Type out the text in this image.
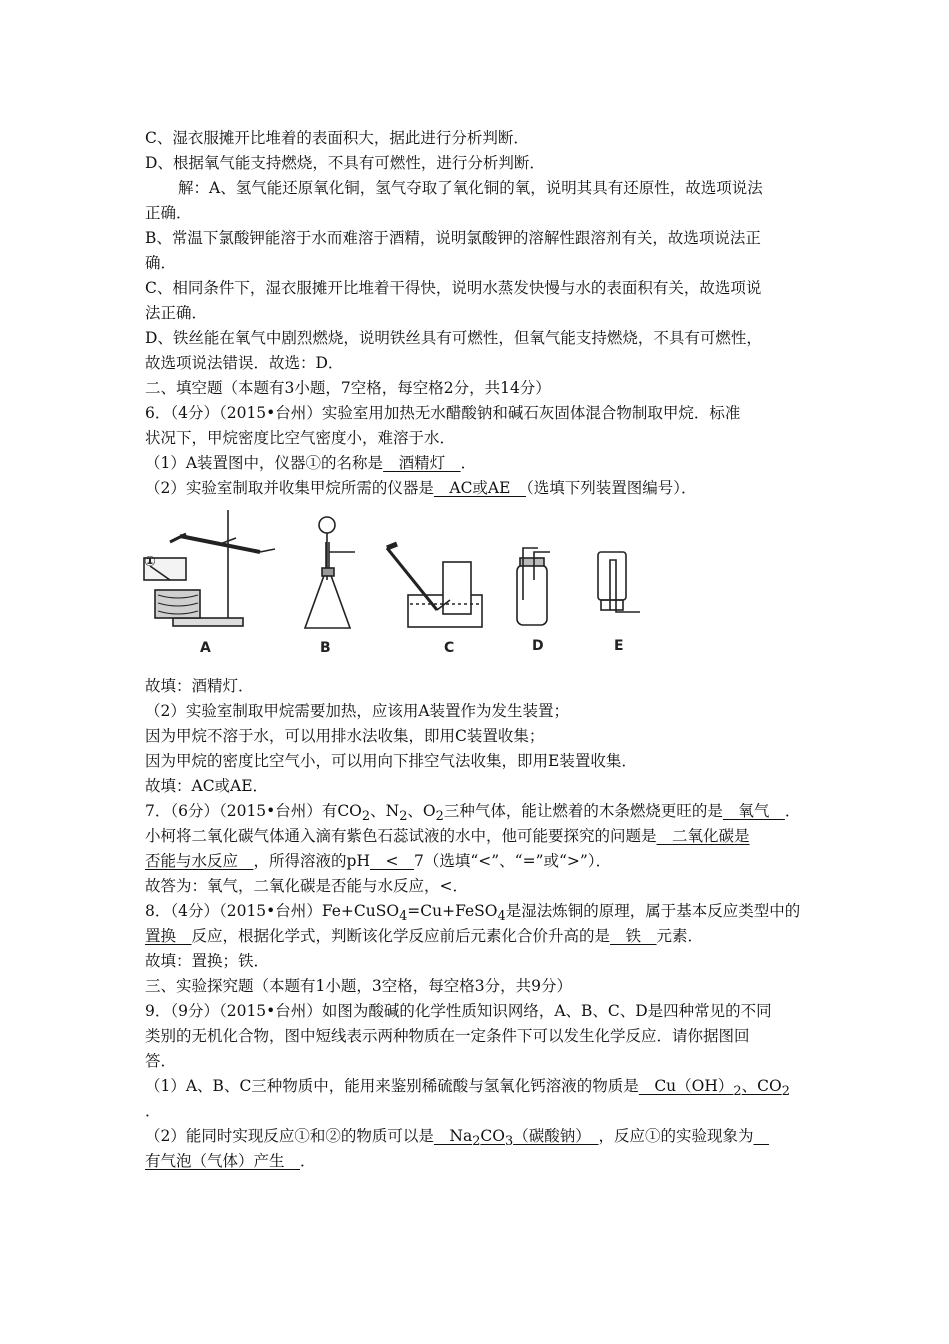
C、湿衣服摊开比堆着的表面积大，据此进行分析判断．
D、根据氧气能支持燃烧，不具有可燃性，进行分析判断．
解：A、氢气能还原氧化铜，氢气夺取了氧化铜的氧，说明其具有还原性，故选项说法
正确．
B、常温下氯酸钾能溶于水而难溶于酒精，说明氯酸钾的溶解性跟溶剂有关，故选项说法正
确．
C、相同条件下，湿衣服摊开比堆着干得快，说明水蒸发快慢与水的表面积有关，故选项说
法正确．
D、铁丝能在氧气中剧烈燃烧，说明铁丝具有可燃性，但氧气能支持燃烧，不具有可燃性，
故选项说法错误．故选：D．
二、填空题（本题有3小题，7空格，每空格2分，共14分）
6．（4分）（2015•台州）实验室用加热无水醋酸钠和碱石灰固体混合物制取甲烷．标准
状况下，甲烷密度比空气密度小，难溶于水．
（1）A装置图中，仪器①的名称是　酒精灯　．
（2）实验室制取并收集甲烷所需的仪器是　AC或AE　（选填下列装置图编号）．
①
A	B	C	D	E
故填：酒精灯．
（2）实验室制取甲烷需要加热，应该用A装置作为发生装置；
因为甲烷不溶于水，可以用排水法收集，即用C装置收集；
因为甲烷的密度比空气小，可以用向下排空气法收集，即用E装置收集．
故填：AC或AE．
7．（6分）（2015•台州）有$CO_2$、$N_2$、$O_2$三种气体，能让燃着的木条燃烧更旺的是　氧气　．
小柯将二氧化碳气体通入滴有紫色石蕊试液的水中，他可能要探究的问题是　二氧化碳是
否能与水反应　，所得溶液的pH　<　7（选填“<”、“=”或“>”）．
故答为：氧气，二氧化碳是否能与水反应，<．
8．（4分）（2015•台州）Fe+CuSO$_4$=Cu+FeSO$_4$是湿法炼铜的原理，属于基本反应类型中的
置换　反应，根据化学式，判断该化学反应前后元素化合价升高的是　铁　元素．
故填：置换；铁．
三、实验探究题（本题有1小题，3空格，每空格3分，共9分）
9．（9分）（2015•台州）如图为酸碱的化学性质知识网络，A、B、C、D是四种常见的不同
类别的无机化合物，图中短线表示两种物质在一定条件下可以发生化学反应．请你据图回
答．
（1）A、B、C三种物质中，能用来鉴别稀硫酸与氢氧化钙溶液的物质是　$Cu(OH)_2$、$CO_2$
．
（2）能同时实现反应①和②的物质可以是　$Na_2CO_3$（碳酸钠）　，反应①的实验现象为　
有气泡（气体）产生　．
